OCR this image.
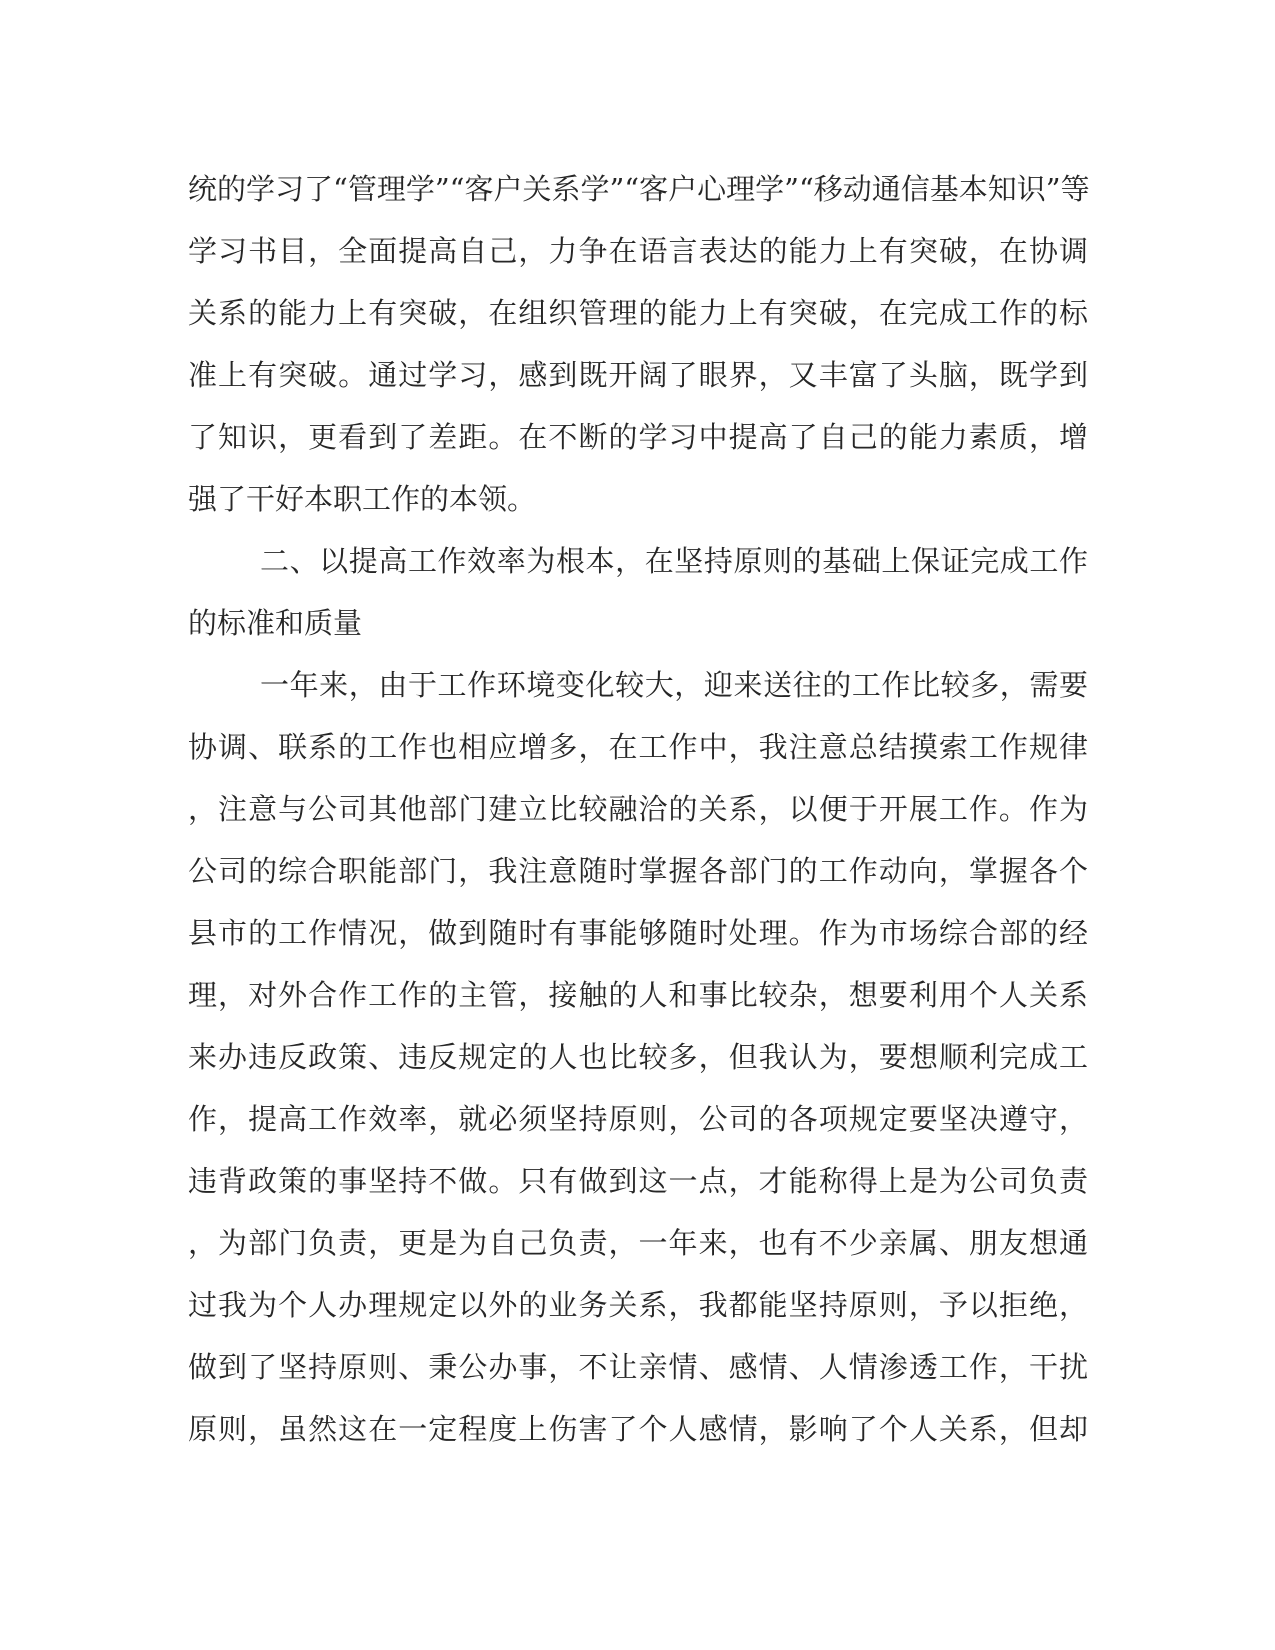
统的学习了“管理学”“客户关系学”“客户心理学”“移动通信基本知识”等
学习书目，全面提高自己，力争在语言表达的能力上有突破，在协调
关系的能力上有突破，在组织管理的能力上有突破，在完成工作的标
准上有突破。通过学习，感到既开阔了眼界，又丰富了头脑，既学到
了知识，更看到了差距。在不断的学习中提高了自己的能力素质，增
强了干好本职工作的本领。
二、以提高工作效率为根本，在坚持原则的基础上保证完成工作
的标准和质量
一年来，由于工作环境变化较大，迎来送往的工作比较多，需要
协调、联系的工作也相应增多，在工作中，我注意总结摸索工作规律
，注意与公司其他部门建立比较融洽的关系，以便于开展工作。作为
公司的综合职能部门，我注意随时掌握各部门的工作动向，掌握各个
县市的工作情况，做到随时有事能够随时处理。作为市场综合部的经
理，对外合作工作的主管，接触的人和事比较杂，想要利用个人关系
来办违反政策、违反规定的人也比较多，但我认为，要想顺利完成工
作，提高工作效率，就必须坚持原则，公司的各项规定要坚决遵守，
违背政策的事坚持不做。只有做到这一点，才能称得上是为公司负责
，为部门负责，更是为自己负责，一年来，也有不少亲属、朋友想通
过我为个人办理规定以外的业务关系，我都能坚持原则，予以拒绝，
做到了坚持原则、秉公办事，不让亲情、感情、人情渗透工作，干扰
原则，虽然这在一定程度上伤害了个人感情，影响了个人关系，但却
